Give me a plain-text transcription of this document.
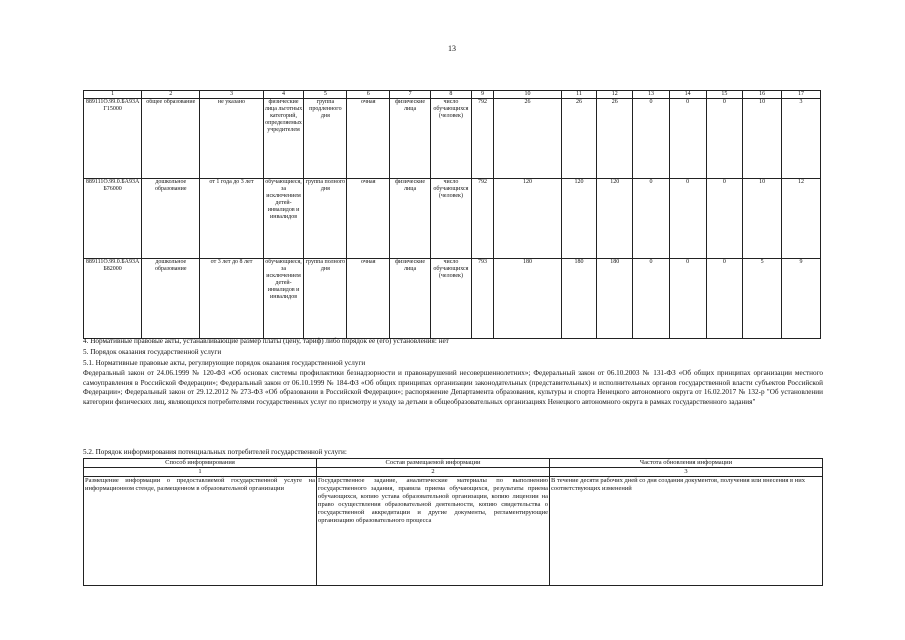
13
1	2	3	4	5	6	7	8	9	10	11	12	13	14	15	16	17
889111О.99.0.БА93АГ15000	общее образование	не указано	физические лица льготных категорий, определяемых учредителем	группа продленного дня	очная	физические лица	число обучающихся (человек)	792	26	26	26	0	0	0	10	3
889111О.99.0.БА93АБ76000	дошкольное образование	от 1 года до 3 лет	обучающиеся, за исключением детей-инвалидов и инвалидов	группа полного дня	очная	физические лица	число обучающихся (человек)	792	120	120	120	0	0	0	10	12
889111О.99.0.БА93АБ82000	дошкольное образование	от 3 лет до 8 лет	обучающиеся, за исключением детей-инвалидов и инвалидов	группа полного дня	очная	физические лица	число обучающихся (человек)	793	180	180	180	0	0	0	5	9
4. Нормативные правовые акты, устанавливающие размер платы (цену, тариф) либо порядок ее (его) установления: нет
5. Порядок оказания государственной услуги
5.1. Нормативные правовые акты, регулирующие порядок оказания государственной услуги
Федеральный закон от 24.06.1999 № 120-ФЗ «Об основах системы профилактики безнадзорности и правонарушений несовершеннолетних»; Федеральный закон от 06.10.2003 № 131-ФЗ «Об общих принципах организации местного самоуправления в Российской Федерации»; Федеральный закон от 06.10.1999 № 184-ФЗ «Об общих принципах организации законодательных (представительных) и исполнительных органов государственной власти субъектов Российской Федерации»; Федеральный закон от 29.12.2012 № 273-ФЗ «Об образовании в Российской Федерации»; распоряжение Департамента образования, культуры и спорта Ненецкого автономного округа от 16.02.2017 № 132-р "Об установлении категории физических лиц, являющихся потребителями государственных услуг по присмотру и уходу за детьми в общеобразовательных организациях Ненецкого автономного округа в рамках государственного задания"
5.2. Порядок информирования потенциальных потребителей государственной услуги:
Способ информирования	Состав размещаемой информации	Частота обновления информации
1	2	3
Размещение информации о предоставляемой государственной услуге на информационном стенде, размещенном в образовательной организации	Государственное задание, аналитические материалы по выполнению государственного задания, правила приема обучающихся, результаты приема обучающихся, копию устава образовательной организации, копию лицензии на право осуществления образовательной деятельности, копию свидетельства о государственной аккредитации и другие документы, регламентирующие организацию образовательного процесса	В течение десяти рабочих дней со дня создания документов, получения или внесения в них соответствующих изменений
